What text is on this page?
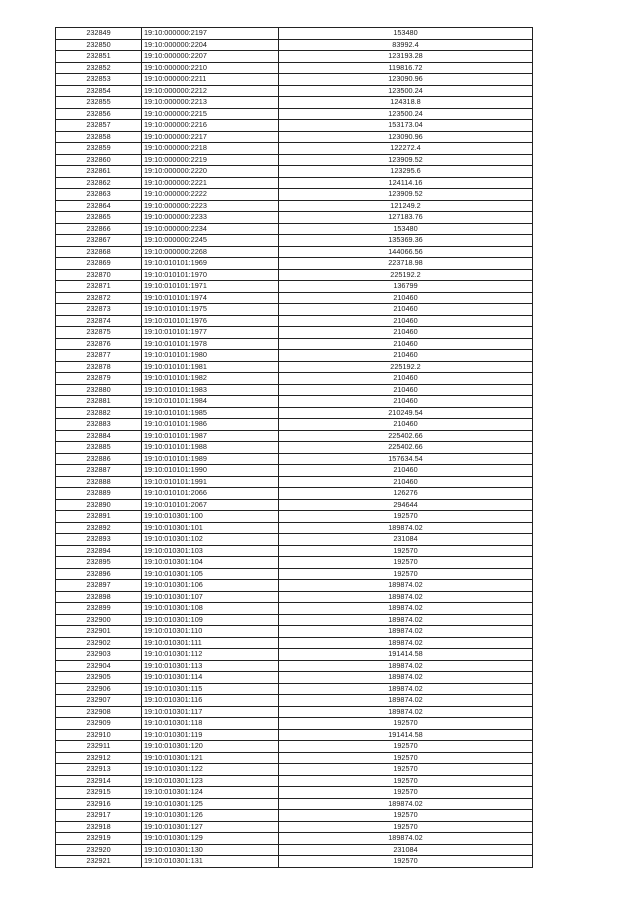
232849	19:10:000000:2197	153480
232850	19:10:000000:2204	83992.4
232851	19:10:000000:2207	123193.28
232852	19:10:000000:2210	119816.72
232853	19:10:000000:2211	123090.96
232854	19:10:000000:2212	123500.24
232855	19:10:000000:2213	124318.8
232856	19:10:000000:2215	123500.24
232857	19:10:000000:2216	153173.04
232858	19:10:000000:2217	123090.96
232859	19:10:000000:2218	122272.4
232860	19:10:000000:2219	123909.52
232861	19:10:000000:2220	123295.6
232862	19:10:000000:2221	124114.16
232863	19:10:000000:2222	123909.52
232864	19:10:000000:2223	121249.2
232865	19:10:000000:2233	127183.76
232866	19:10:000000:2234	153480
232867	19:10:000000:2245	135369.36
232868	19:10:000000:2268	144066.56
232869	19:10:010101:1969	223718.98
232870	19:10:010101:1970	225192.2
232871	19:10:010101:1971	136799
232872	19:10:010101:1974	210460
232873	19:10:010101:1975	210460
232874	19:10:010101:1976	210460
232875	19:10:010101:1977	210460
232876	19:10:010101:1978	210460
232877	19:10:010101:1980	210460
232878	19:10:010101:1981	225192.2
232879	19:10:010101:1982	210460
232880	19:10:010101:1983	210460
232881	19:10:010101:1984	210460
232882	19:10:010101:1985	210249.54
232883	19:10:010101:1986	210460
232884	19:10:010101:1987	225402.66
232885	19:10:010101:1988	225402.66
232886	19:10:010101:1989	157634.54
232887	19:10:010101:1990	210460
232888	19:10:010101:1991	210460
232889	19:10:010101:2066	126276
232890	19:10:010101:2067	294644
232891	19:10:010301:100	192570
232892	19:10:010301:101	189874.02
232893	19:10:010301:102	231084
232894	19:10:010301:103	192570
232895	19:10:010301:104	192570
232896	19:10:010301:105	192570
232897	19:10:010301:106	189874.02
232898	19:10:010301:107	189874.02
232899	19:10:010301:108	189874.02
232900	19:10:010301:109	189874.02
232901	19:10:010301:110	189874.02
232902	19:10:010301:111	189874.02
232903	19:10:010301:112	191414.58
232904	19:10:010301:113	189874.02
232905	19:10:010301:114	189874.02
232906	19:10:010301:115	189874.02
232907	19:10:010301:116	189874.02
232908	19:10:010301:117	189874.02
232909	19:10:010301:118	192570
232910	19:10:010301:119	191414.58
232911	19:10:010301:120	192570
232912	19:10:010301:121	192570
232913	19:10:010301:122	192570
232914	19:10:010301:123	192570
232915	19:10:010301:124	192570
232916	19:10:010301:125	189874.02
232917	19:10:010301:126	192570
232918	19:10:010301:127	192570
232919	19:10:010301:129	189874.02
232920	19:10:010301:130	231084
232921	19:10:010301:131	192570
